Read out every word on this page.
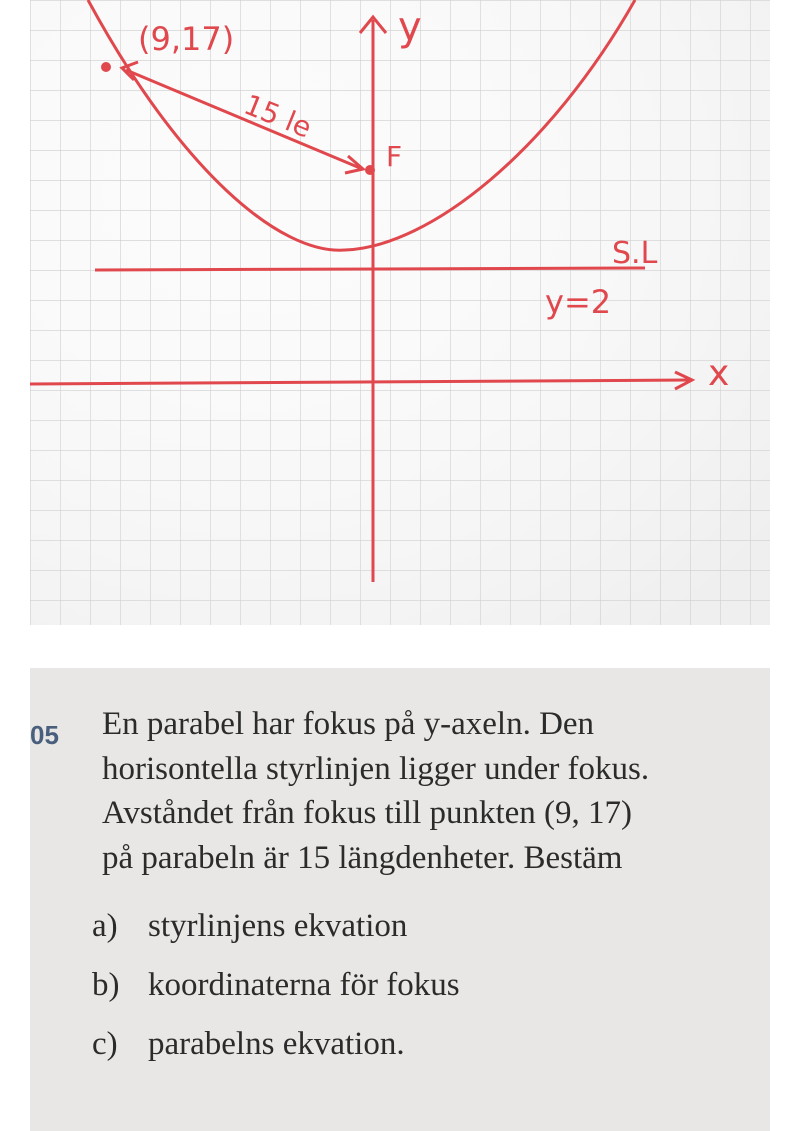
y
x
S.L
y=2
(9,17)
F
15 le
05 En parabel har fokus på y-axeln. Den
horisontella styrlinjen ligger under fokus.
Avståndet från fokus till punkten (9, 17)
på parabeln är 15 längdenheter. Bestäm
a) styrlinjens ekvation
b) koordinaterna för fokus
c) parabelns ekvation.
